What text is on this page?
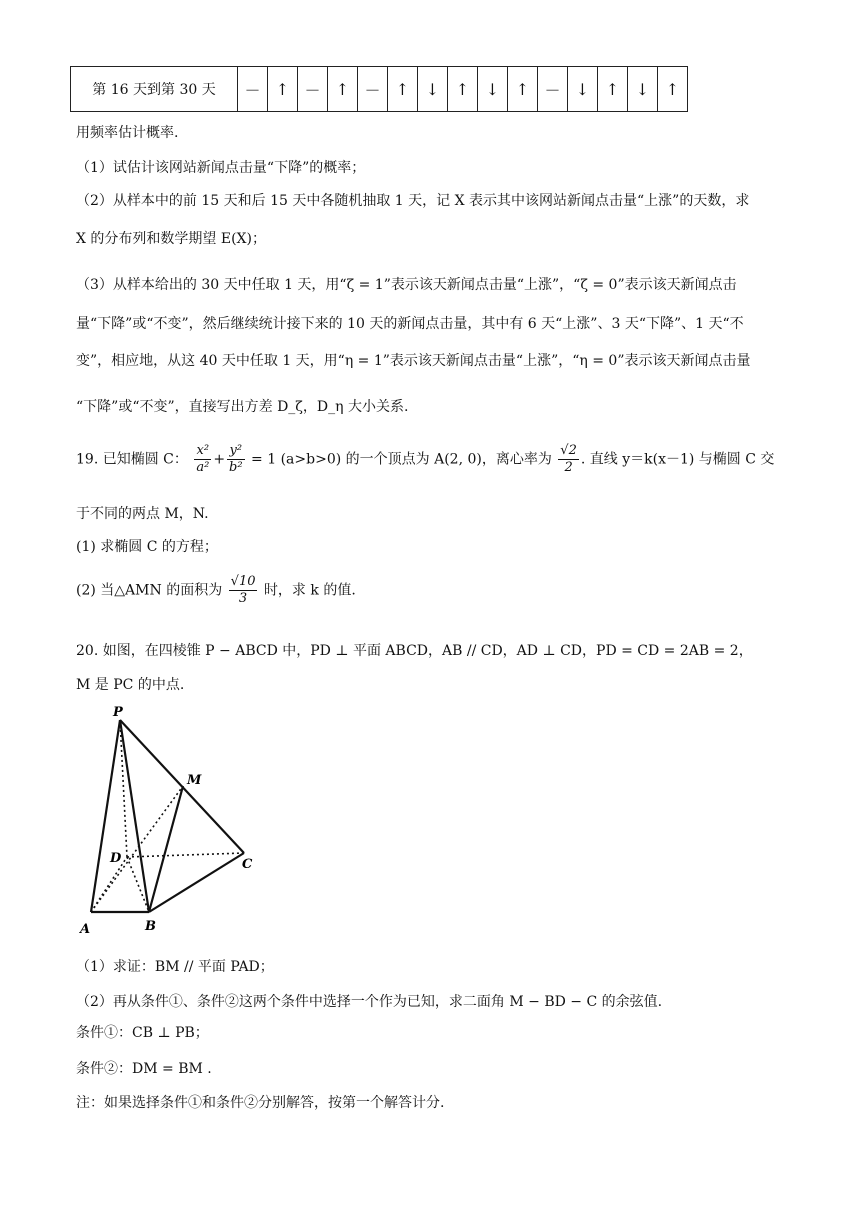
第 16 天到第 30 天	－	↑	－	↑	－	↑	↓	↑	↓	↑	－	↓	↑	↓	↑
用频率估计概率.
（1）试估计该网站新闻点击量“下降”的概率；
（2）从样本中的前 15 天和后 15 天中各随机抽取 1 天，记 X 表示其中该网站新闻点击量“上涨”的天数，求
X 的分布列和数学期望 E(X)；
（3）从样本给出的 30 天中任取 1 天，用“ζ = 1”表示该天新闻点击量“上涨”，“ζ = 0”表示该天新闻点击
量“下降”或“不变”，然后继续统计接下来的 10 天的新闻点击量，其中有 6 天“上涨”、3 天“下降”、1 天“不
变”，相应地，从这 40 天中任取 1 天，用“η = 1”表示该天新闻点击量“上涨”，“η = 0”表示该天新闻点击量
“下降”或“不变”，直接写出方差 D_ζ，D_η 大小关系.
19. 已知椭圆 C： $\frac{\text{x²}}{\text{a²}} + \frac{\text{y²}}{\text{b²}} = 1$ (a>b>0) 的一个顶点为 A(2, 0)，离心率为 $\frac{√2}{2}$ . 直线 y＝k(x－1) 与椭圆 C 交
于不同的两点 M，N.
(1) 求椭圆 C 的方程；
(2) 当△AMN 的面积为 $\frac{√10}{3}$ 时，求 k 的值.
20. 如图，在四棱锥 P − ABCD 中，PD ⊥ 平面 ABCD，AB // CD，AD ⊥ CD，PD = CD = 2AB = 2，
M 是 PC 的中点.
P
M
D	C
A	B
（1）求证：BM // 平面 PAD；
（2）再从条件①、条件②这两个条件中选择一个作为已知，求二面角 M − BD − C 的余弦值.
条件①：CB ⊥ PB；
条件②：DM = BM .
注：如果选择条件①和条件②分别解答，按第一个解答计分.
